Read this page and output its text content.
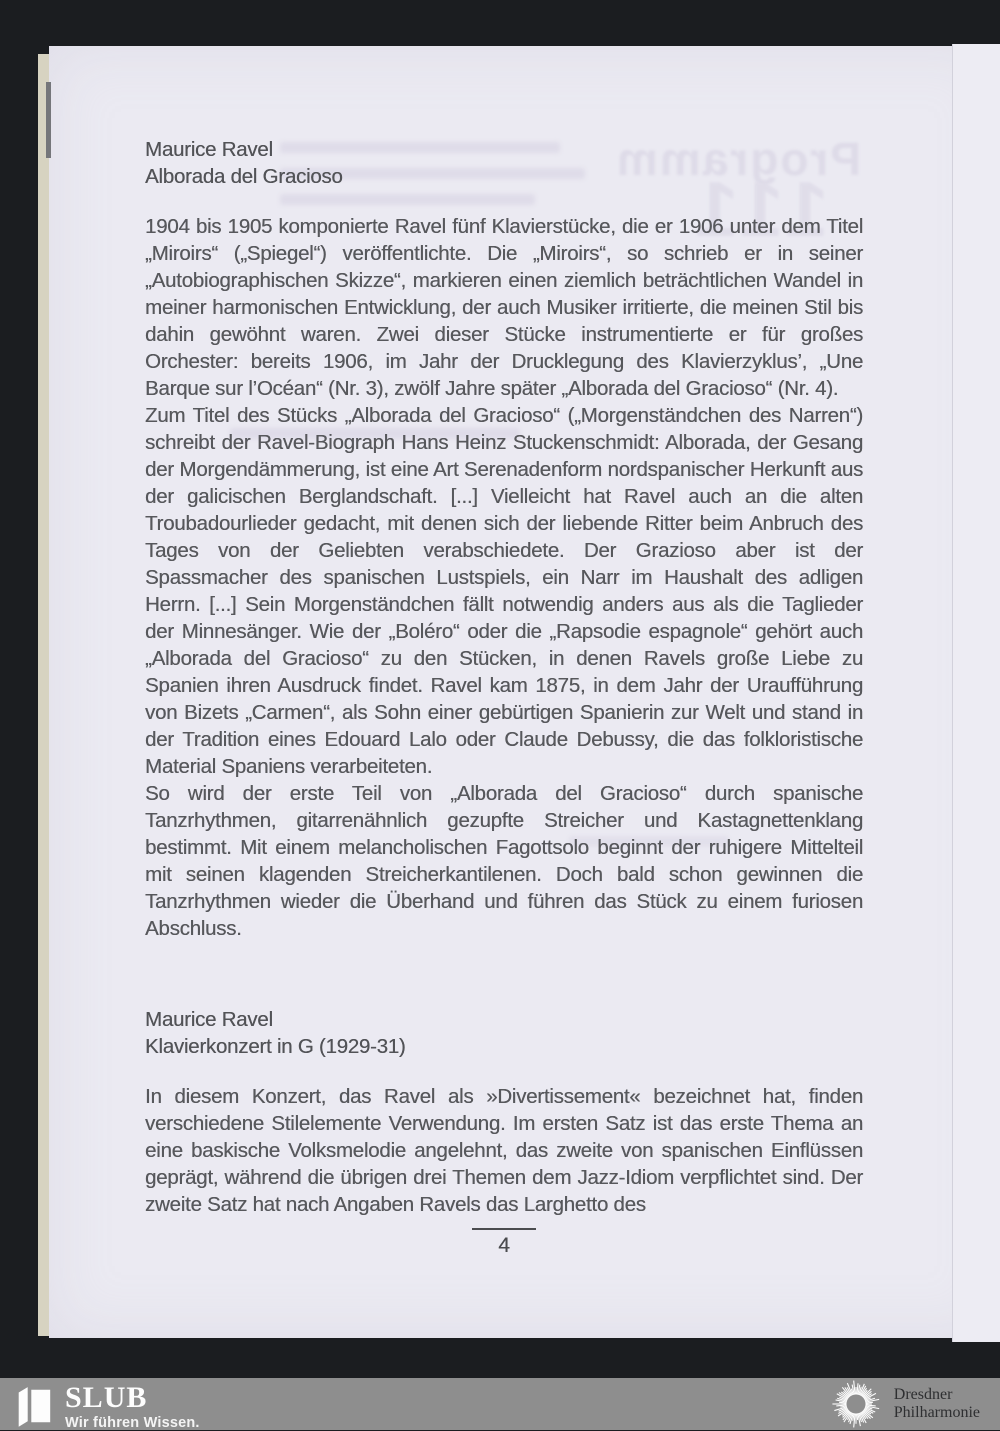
Programm
111
Maurice Ravel
Alborada del Gracioso

1904 bis 1905 komponierte Ravel fünf Klavierstücke, die er 1906 unter dem Titel „Miroirs“ („Spiegel“) veröffentlichte. Die „Miroirs“, so schrieb er in seiner „Autobiographischen Skizze“, markieren einen ziemlich beträchtlichen Wandel in meiner harmonischen Entwicklung, der auch Musiker irritierte, die meinen Stil bis dahin gewöhnt waren. Zwei dieser Stücke instrumentierte er für großes Orchester: bereits 1906, im Jahr der Drucklegung des Klavierzyklus’, „Une Barque sur l’Océan“ (Nr. 3), zwölf Jahre später „Alborada del Gracioso“ (Nr. 4).

Zum Titel des Stücks „Alborada del Gracioso“ („Morgenständchen des Narren“) schreibt der Ravel-Biograph Hans Heinz Stuckenschmidt: Alborada, der Gesang der Morgendämmerung, ist eine Art Serenadenform nordspanischer Herkunft aus der galicischen Berglandschaft. [...] Vielleicht hat Ravel auch an die alten Troubadourlieder gedacht, mit denen sich der liebende Ritter beim Anbruch des Tages von der Geliebten verabschiedete. Der Grazioso aber ist der Spassmacher des spanischen Lustspiels, ein Narr im Haushalt des adligen Herrn. [...] Sein Morgenständchen fällt notwendig anders aus als die Taglieder der Minnesänger. Wie der „Boléro“ oder die „Rapsodie espagnole“ gehört auch „Alborada del Gracioso“ zu den Stücken, in denen Ravels große Liebe zu Spanien ihren Ausdruck findet. Ravel kam 1875, in dem Jahr der Uraufführung von Bizets „Carmen“, als Sohn einer gebürtigen Spanierin zur Welt und stand in der Tradition eines Edouard Lalo oder Claude Debussy, die das folkloristische Material Spaniens verarbeiteten.

So wird der erste Teil von „Alborada del Gracioso“ durch spanische Tanzrhythmen, gitarrenähnlich gezupfte Streicher und Kastagnettenklang bestimmt. Mit einem melancholischen Fagottsolo beginnt der ruhigere Mittelteil mit seinen klagenden Streicherkantilenen. Doch bald schon gewinnen die Tanzrhythmen wieder die Überhand und führen das Stück zu einem furiosen Abschluss.

Maurice Ravel
Klavierkonzert in G (1929-31)

In diesem Konzert, das Ravel als »Divertissement« bezeichnet hat, finden verschiedene Stilelemente Verwendung. Im ersten Satz ist das erste Thema an eine baskische Volksmelodie angelehnt, das zweite von spanischen Einflüssen geprägt, während die übrigen drei Themen dem Jazz-Idiom verpflichtet sind. Der zweite Satz hat nach Angaben Ravels das Larghetto des

4
SLUB
Wir führen Wissen.
Dresdner
Philharmonie
